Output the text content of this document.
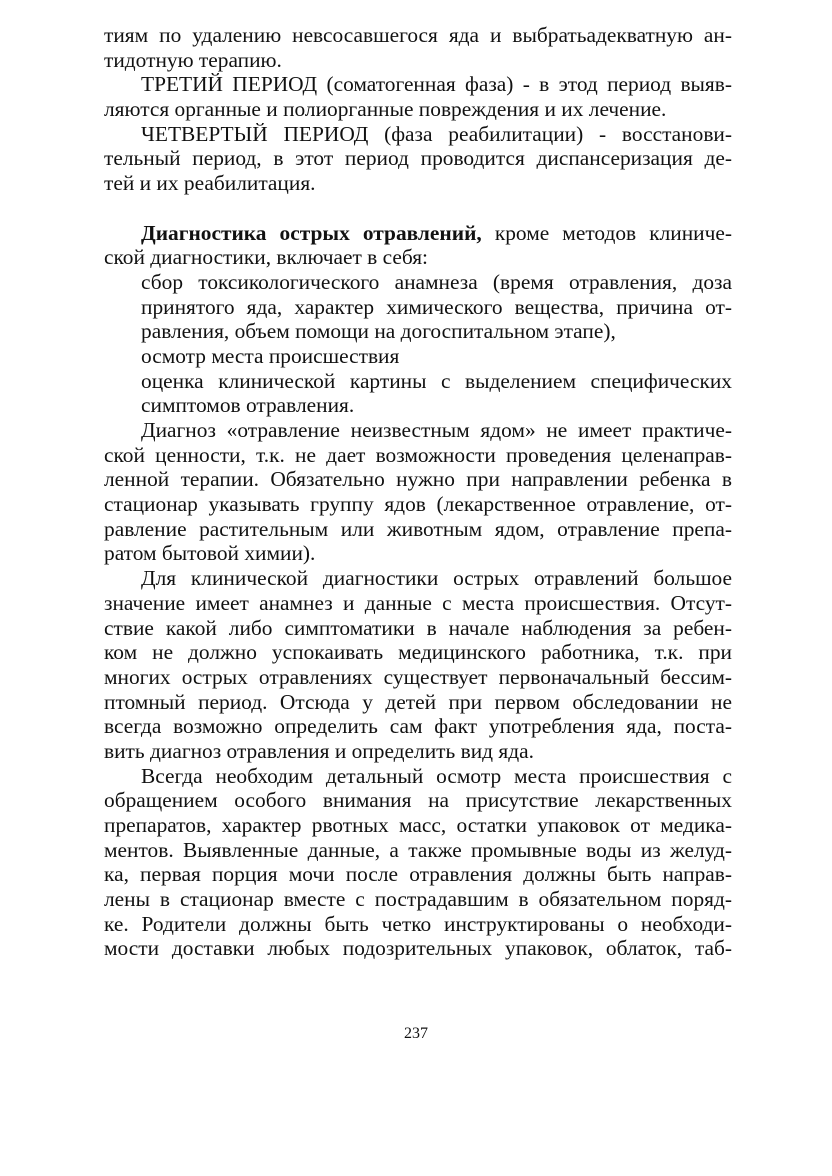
тиям по удалению невсосавшегося яда и выбратьадекватную ан-
тидотную терапию.
ТРЕТИЙ ПЕРИОД (соматогенная фаза) - в этод период выяв-
ляются органные и полиорганные повреждения и их лечение.
ЧЕТВЕРТЫЙ ПЕРИОД (фаза реабилитации) - восстанови-
тельный период, в этот период проводится диспансеризация де-
тей и их реабилитация.
Диагностика острых отравлений, кроме методов клиниче-
ской диагностики, включает в себя:
сбор токсикологического анамнеза (время отравления, доза
принятого яда, характер химического вещества, причина от-
равления, объем помощи на догоспитальном этапе),
осмотр места происшествия
оценка клинической картины с выделением специфических
симптомов отравления.
Диагноз «отравление неизвестным ядом» не имеет практиче-
ской ценности, т.к. не дает возможности проведения целенаправ-
ленной терапии. Обязательно нужно при направлении ребенка в
стационар указывать группу ядов (лекарственное отравление, от-
равление растительным или животным ядом, отравление препа-
ратом бытовой химии).
Для клинической диагностики острых отравлений большое
значение имеет анамнез и данные с места происшествия. Отсут-
ствие какой либо симптоматики в начале наблюдения за ребен-
ком не должно успокаивать медицинского работника, т.к. при
многих острых отравлениях существует первоначальный бессим-
птомный период. Отсюда у детей при первом обследовании не
всегда возможно определить сам факт употребления яда, поста-
вить диагноз отравления и определить вид яда.
Всегда необходим детальный осмотр места происшествия с
обращением особого внимания на присутствие лекарственных
препаратов, характер рвотных масс, остатки упаковок от медика-
ментов. Выявленные данные, а также промывные воды из желуд-
ка, первая порция мочи после отравления должны быть направ-
лены в стационар вместе с пострадавшим в обязательном поряд-
ке. Родители должны быть четко инструктированы о необходи-
мости доставки любых подозрительных упаковок, облаток, таб-
237
